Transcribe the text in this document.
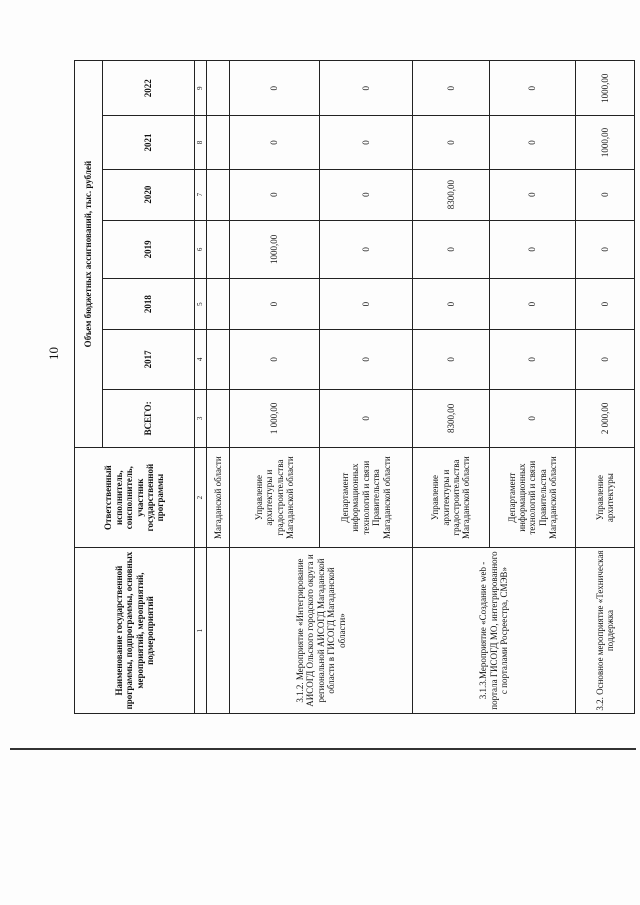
10
Наименование государственной программы, подпрограммы, основных мероприятий, мероприятий, подмероприятий	Ответственный исполнитель, соисполнитель, участник государственной программы	Объем бюджетных ассигнований, тыс. рублей						
		ВСЕГО:	2017	2018	2019	2020	2021	2022
1	2	3	4	5	6	7	8	9
	Магаданской области							
3.1.2. Мероприятие «Интегрирование АИСОГД Ольского городского округа и региональной АИСОГД Магаданской области в ГИСОГД Магаданской области»	Управление архитектуры и градостроительства Магаданской области	1 000,00	0	0	1000,00	0	0	0
	Департамент информационных технологий и связи Правительства Магаданской области	0	0	0	0	0	0	0
3.1.3.Мероприятие «Создание web - портала ГИСОГД МО, интегрированного с порталами Росреестра, СМЭВ»	Управление архитектуры и градостроительства Магаданской области	8300,00	0	0	0	8300,00	0	0
	Департамент информационных технологий и связи Правительства Магаданской области	0	0	0	0	0	0	0
3.2. Основное мероприятие «Техническая поддержка	Управление архитектуры	2 000,00	0	0	0	0	1000,00	1000,00
